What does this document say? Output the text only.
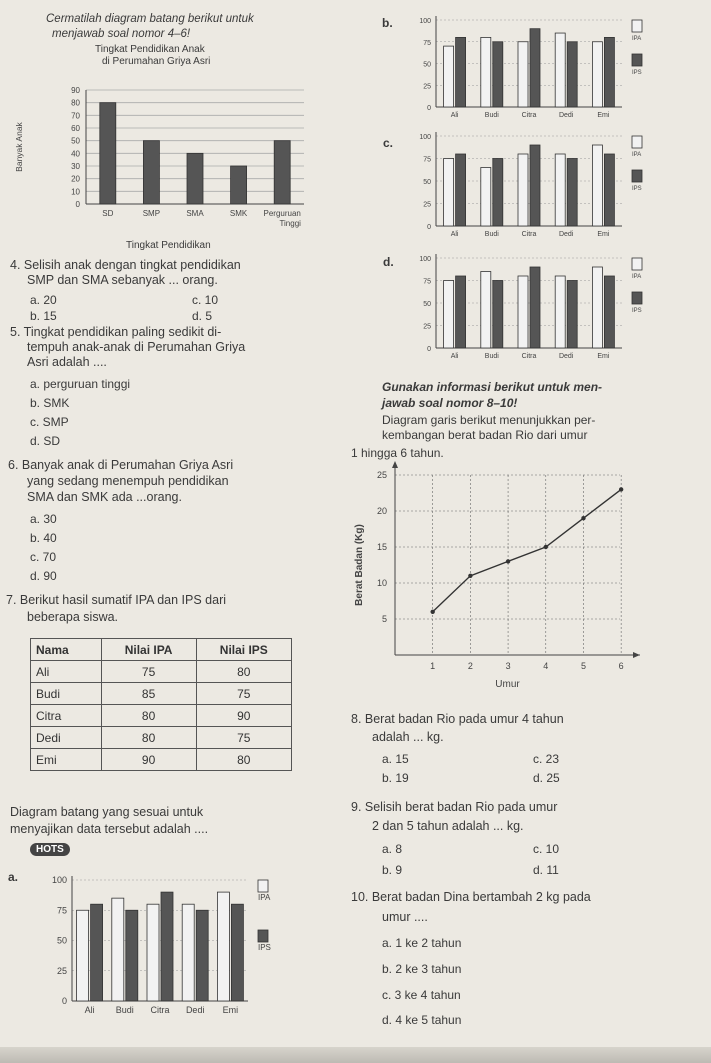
Cermatilah diagram batang berikut untuk
menjawab soal nomor 4–6!
Tingkat Pendidikan Anak
di Perumahan Griya Asri
0
10
20
30
40
50
60
70
80
90
SD	SMP	SMA	SMK Perguruan
Tinggi
Banyak Anak
Tingkat Pendidikan
4. Selisih anak dengan tingkat pendidikan
SMP dan SMA sebanyak ... orang.
a. 20	c. 10
b. 15	d. 5
5. Tingkat pendidikan paling sedikit di-
tempuh anak-anak di Perumahan Griya
Asri adalah ....
a. perguruan tinggi
b. SMK
c. SMP
d. SD
6. Banyak anak di Perumahan Griya Asri
yang sedang menempuh pendidikan
SMA dan SMK ada ...orang.
a. 30
b. 40
c. 70
d. 90
7. Berikut hasil sumatif IPA dan IPS dari
beberapa siswa.
Nama	Nilai IPA	Nilai IPS
Ali	75	80
Budi	85	75
Citra	80	90
Dedi	80	75
Emi	90	80
Diagram batang yang sesuai untuk
menyajikan data tersebut adalah ....
HOTS
a.
0
25
50
75
100
Ali Budi Citra Dedi Emi
IPA
IPS
b.
0
25
50
75
100
Ali	Budi	Citra	Dedi	Emi
IPA
IPS
c.
0
25
50
75
100
Ali	Budi	Citra	Dedi	Emi
IPA
IPS
d.
0
25
50
75
100
Ali	Budi	Citra	Dedi	Emi
IPA
IPS
Gunakan informasi berikut untuk men-
jawab soal nomor 8–10!
Diagram garis berikut menunjukkan per-
kembangan berat badan Rio dari umur
1 hingga 6 tahun.
5
10
15
20
25
1	2	3	4	5	6
Umur
Berat Badan (Kg)
8. Berat badan Rio pada umur 4 tahun
adalah ... kg.
a. 15	c. 23
b. 19	d. 25
9. Selisih berat badan Rio pada umur
2 dan 5 tahun adalah ... kg.
a. 8	c. 10
b. 9	d. 11
10. Berat badan Dina bertambah 2 kg pada
umur ....
a. 1 ke 2 tahun
b. 2 ke 3 tahun
c. 3 ke 4 tahun
d. 4 ke 5 tahun
